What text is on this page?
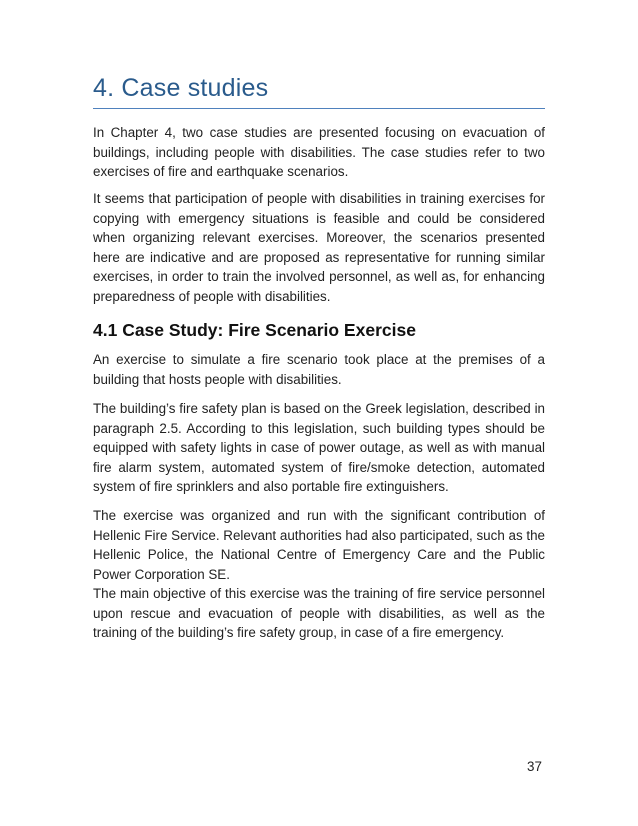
4. Case studies

In Chapter 4, two case studies are presented focusing on evacuation of buildings, including people with disabilities. The case studies refer to two exercises of fire and earthquake scenarios.

It seems that participation of people with disabilities in training exercises for copying with emergency situations is feasible and could be considered when organizing relevant exercises. Moreover, the scenarios presented here are indicative and are proposed as representative for running similar exercises, in order to train the involved personnel, as well as, for enhancing preparedness of people with disabilities.

4.1 Case Study: Fire Scenario Exercise

An exercise to simulate a fire scenario took place at the premises of a building that hosts people with disabilities.

The building’s fire safety plan is based on the Greek legislation, described in paragraph 2.5. According to this legislation, such building types should be equipped with safety lights in case of power outage, as well as with manual fire alarm system, automated system of fire/smoke detection, automated system of fire sprinklers and also portable fire extinguishers.

The exercise was organized and run with the significant contribution of Hellenic Fire Service. Relevant authorities had also participated, such as the Hellenic Police, the National Centre of Emergency Care and the Public Power Corporation SE.

The main objective of this exercise was the training of fire service personnel upon rescue and evacuation of people with disabilities, as well as the training of the building’s fire safety group, in case of a fire emergency.

37
